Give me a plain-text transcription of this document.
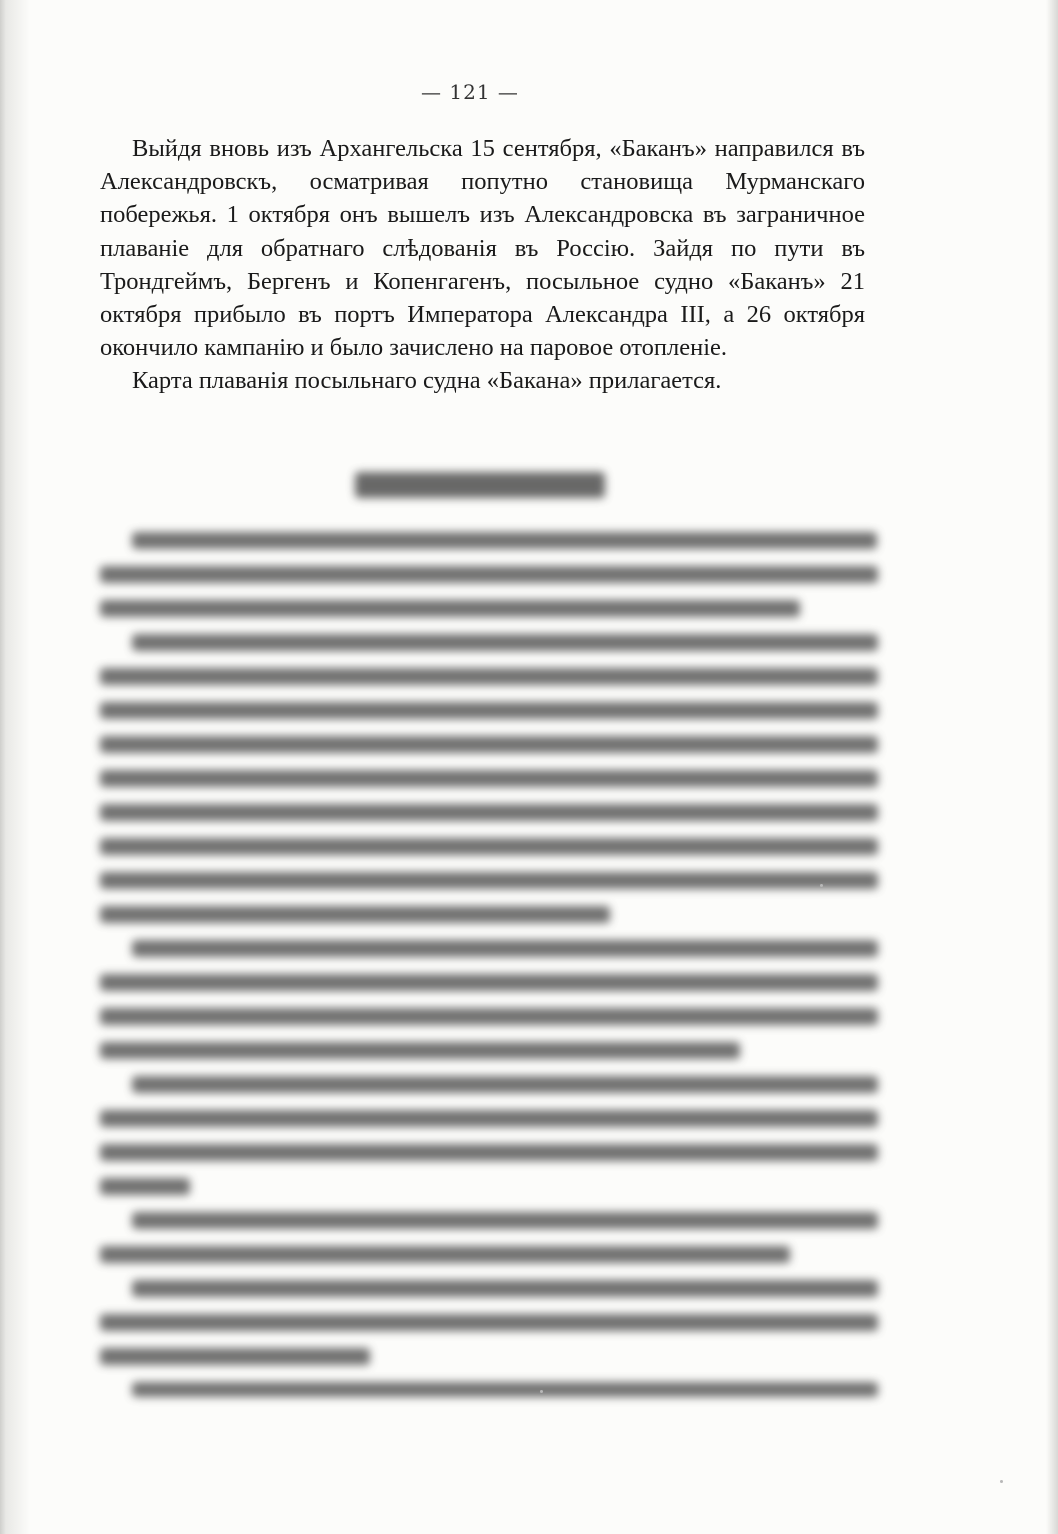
— 121 —

Выйдя вновь изъ Архангельска 15 сентября, «Баканъ» направился въ Александровскъ, осматривая попутно становища Мурманскаго побережья. 1 октября онъ вышелъ изъ Александровска въ заграничное плаванiе для обратнаго слѣдованiя въ Россiю. Зайдя по пути въ Трондгеймъ, Бергенъ и Копенгагенъ, посыльное судно «Баканъ» 21 октября прибыло въ портъ Императора Александра III, а 26 октября окончило кампанiю и было зачислено на паровое отопленiе.

Карта плаванiя посыльнаго судна «Бакана» прилагается.
